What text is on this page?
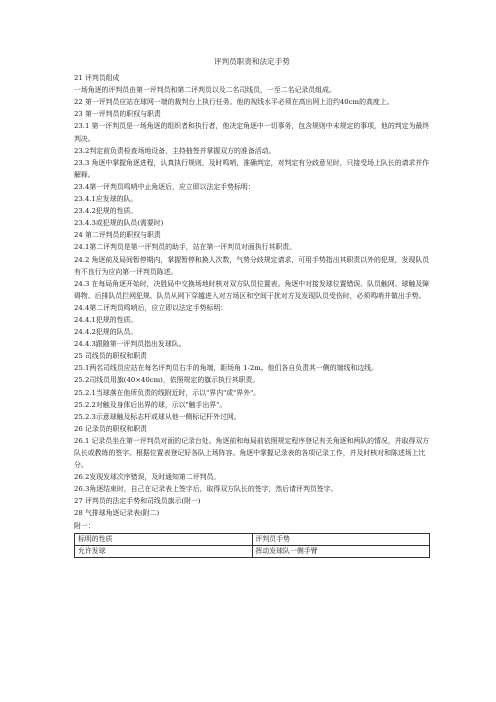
评判员职责和法定手势

21 评判员组成

一场角逐的评判员由第一评判员和第二评判员以及二名司线员，一至二名记录员组成。

22 第一评判员应站在球网一端的裁判台上执行任务。他的视线水平必须在高出网上沿约40cm的高度上。

23 第一评判员的职权与职责

23.1 第一评判员是一场角逐的组织者和执行者，他决定角逐中一切事务，包含规则中未规定的事项，他的判定为最终判决。

23.2判定前负责检查场地设备，主持抽签并掌握双方的准备活动。

23.3 角逐中掌握角逐进程，认真执行规则，及时鸣哨，准确判定，对判定有分歧意见时，只接受场上队长的请求并作解释。

23.4第一评判员鸣哨中止角逐后，应立即以法定手势标明：

23.4.1应发球的队。

23.4.2犯规的性质。

23.4.3或犯规的队员(需要时)

24 第二评判员的职权与职责

24.1第二评判员是第一评判员的助手，站在第一评判员对面执行其职责。

24.2 角逐前及局间暂停期内，掌握暂停和换人次数，气势分歧规定请求，可用手势指出其职责以外的犯规，发现队员有不良行为应向第一评判员陈述。

24.3 在每局角逐开始时，决胜局中交换场地时核对双方队员位置表。角逐中对接发球位置错误、队员触网、球触及障碍物、后排队员拦网犯规、队员从网下穿越进入对方场区和空间干扰对方及发现队员受伤时，必须鸣哨并做出手势。

24.4第二评判员鸣哨后，应立即以法定手势标明：

24.4.1犯规的性质。

24.4.2犯规的队员。

24.4.3跟随第一评判员指出发球队。

25 司线员的职权和职责

25.1两名司线员应站在每名评判员右手的角端，距场角 1-2m。他们各自负责其一侧的端线和边线。

25.2司线员用旗(40×40cm)，依照规定的旗示执行其职责。

25.2.1当球落在他所负责的线附近时，示以"界内"或"界外"。

25.2.2对触及身体后出界的球，示以"触手出界"。

25.2.3示意球触及标志杆或球从他一侧标记杆外过网。

26 记录员的职权和职责

26.1 记录员坐在第一评判员对面的记录台处。角逐前和每局前依照规定程序登记有关角逐和两队的情况，并取得双方队长或教练的签字。根据位置表登记好各队上场阵容。角逐中掌握记录表的各项记录工作，并及时核对和陈述场上比分。

26.2发现发球次序错误，及时通知第二评判员。

26.3角逐结束时，自己在记录表上签字后，取得双方队长的签字，然后请评判员签字。

27 评判员的法定手势和司线员旗示(附一)

28 气排球角逐记录表(附二)

附一：

标明的性质	评判员手势
允许发球	挥动发球队一侧手臂
